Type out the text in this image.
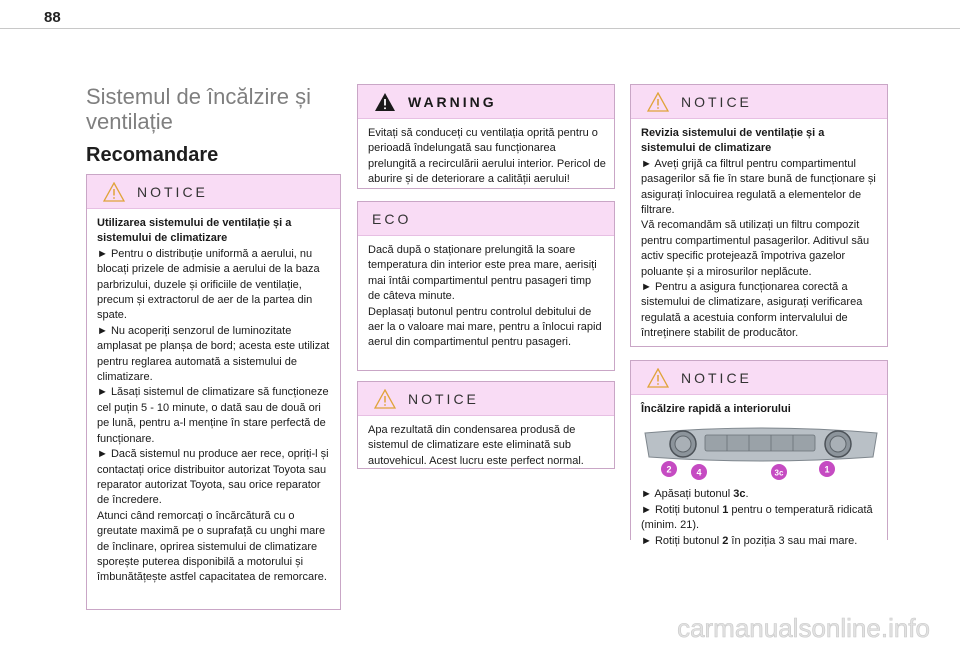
88
Sistemul de încălzire și ventilație
Recomandare
NOTICE

Utilizarea sistemului de ventilație și a sistemului de climatizare

► Pentru o distribuție uniformă a aerului, nu blocați prizele de admisie a aerului de la baza parbrizului, duzele și orificiile de ventilație, precum și extractorul de aer de la partea din spate.

► Nu acoperiți senzorul de luminozitate amplasat pe planșa de bord; acesta este utilizat pentru reglarea automată a sistemului de climatizare.

► Lăsați sistemul de climatizare să funcționeze cel puțin 5 - 10 minute, o dată sau de două ori pe lună, pentru a-l menține în stare perfectă de funcționare.

► Dacă sistemul nu produce aer rece, opriți-l și contactați orice distribuitor autorizat Toyota sau reparator autorizat Toyota, sau orice reparator de încredere.

Atunci când remorcați o încărcătură cu o greutate maximă pe o suprafață cu unghi mare de înclinare, oprirea sistemului de climatizare sporește puterea disponibilă a motorului și îmbunătățește astfel capacitatea de remorcare.

WARNING

Evitați să conduceți cu ventilația oprită pentru o perioadă îndelungată sau funcționarea prelungită a recirculării aerului interior. Pericol de aburire și de deteriorare a calității aerului!

ECO

Dacă după o staționare prelungită la soare temperatura din interior este prea mare, aerisiți mai întâi compartimentul pentru pasageri timp de câteva minute.

Deplasați butonul pentru controlul debitului de aer la o valoare mai mare, pentru a înlocui rapid aerul din compartimentul pentru pasageri.

NOTICE

Apa rezultată din condensarea produsă de sistemul de climatizare este eliminată sub autovehicul. Acest lucru este perfect normal.

NOTICE

Revizia sistemului de ventilație și a sistemului de climatizare

► Aveți grijă ca filtrul pentru compartimentul pasagerilor să fie în stare bună de funcționare și asigurați înlocuirea regulată a elementelor de filtrare.

Vă recomandăm să utilizați un filtru compozit pentru compartimentul pasagerilor. Aditivul său activ specific protejează împotriva gazelor poluante și a mirosurilor neplăcute.

► Pentru a asigura funcționarea corectă a sistemului de climatizare, asigurați verificarea regulată a acestuia conform intervalului de întreținere stabilit de producător.

NOTICE

Încălzire rapidă a interiorului

2	4	3c	1

► Apăsați butonul 3c.

► Rotiți butonul 1 pentru o temperatură ridicată (minim. 21).

► Rotiți butonul 2 în poziția 3 sau mai mare.

carmanualsonline.info
